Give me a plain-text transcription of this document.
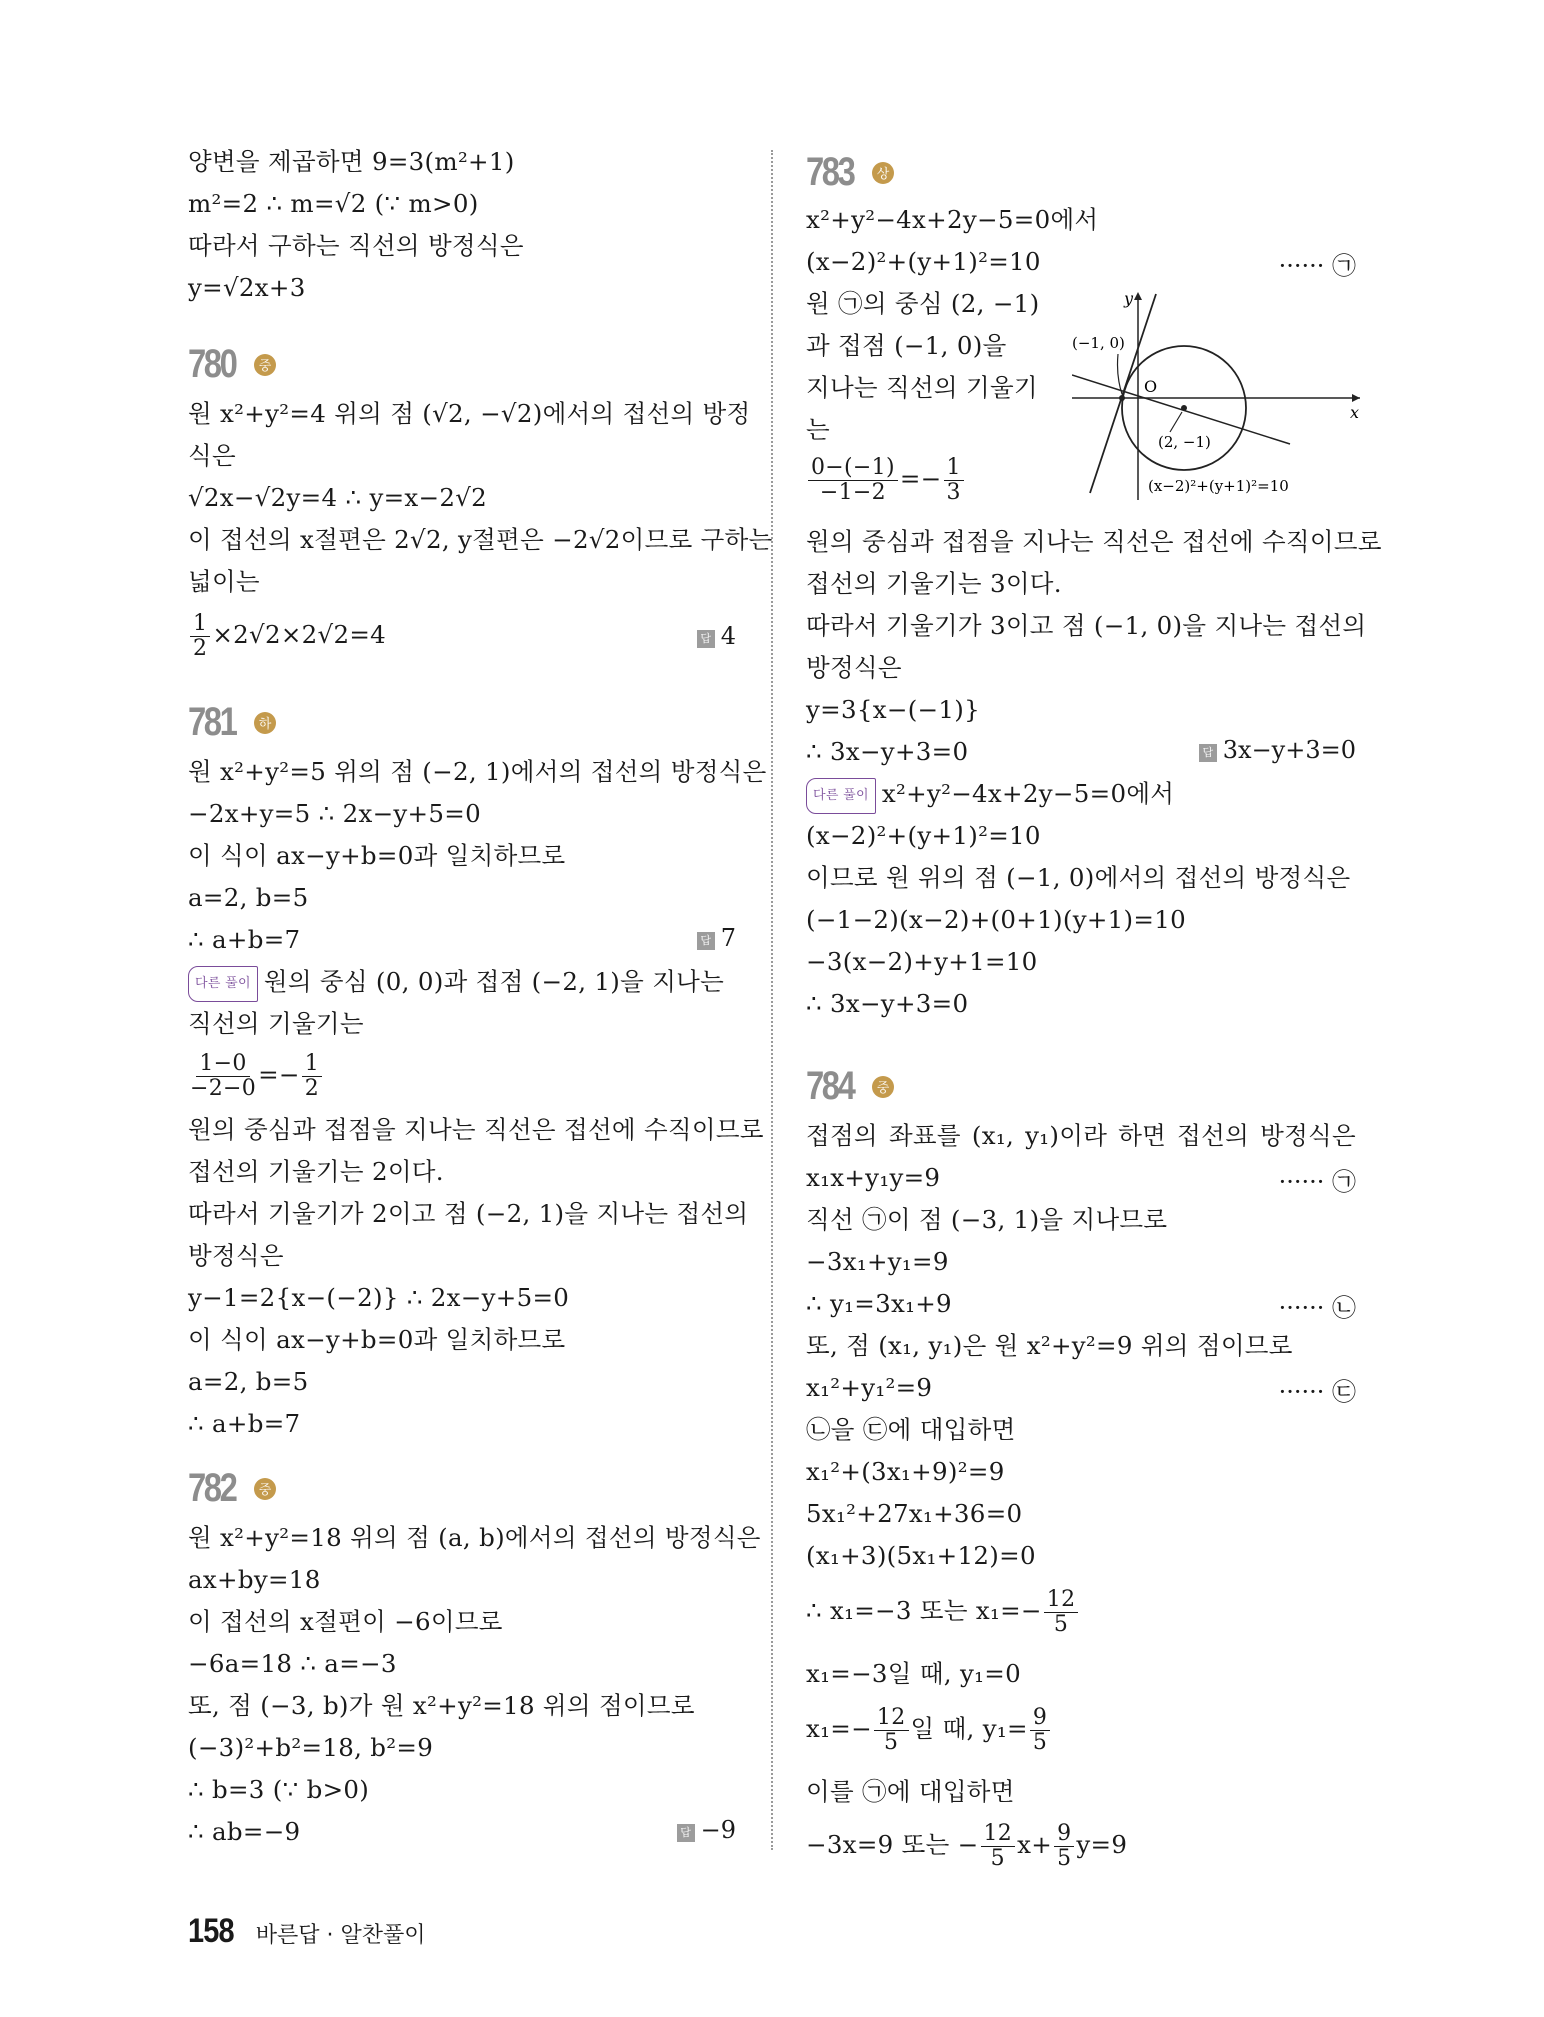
양변을 제곱하면 9=3(m²+1)
m²=2 ∴ m=√2 (∵ m>0)
따라서 구하는 직선의 방정식은
y=√2x+3
780	중
원 x²+y²=4 위의 점 (√2, −√2)에서의 접선의 방정
식은
√2x−√2y=4 ∴ y=x−2√2
이 접선의 x절편은 2√2, y절편은 −2√2이므로 구하는
넓이는
$\frac{1}{2} \times 2√2\times 2√2=4$	답 4
781	하
원 x²+y²=5 위의 점 (−2, 1)에서의 접선의 방정식은
−2x+y=5 ∴ 2x−y+5=0
이 식이 ax−y+b=0과 일치하므로
a=2, b=5
∴ a+b=7	답 7
다른 풀이 원의 중심 (0, 0)과 접점 (−2, 1)을 지나는
직선의 기울기는
$\frac{1-0}{-2-0} =- \frac{1}{2}$
원의 중심과 접점을 지나는 직선은 접선에 수직이므로
접선의 기울기는 2이다.
따라서 기울기가 2이고 점 (−2, 1)을 지나는 접선의
방정식은
y−1=2{x−(−2)} ∴ 2x−y+5=0
이 식이 ax−y+b=0과 일치하므로
a=2, b=5
∴ a+b=7
782	중
원 x²+y²=18 위의 점 (a, b)에서의 접선의 방정식은
ax+by=18
이 접선의 x절편이 −6이므로
−6a=18 ∴ a=−3
또, 점 (−3, b)가 원 x²+y²=18 위의 점이므로
(−3)²+b²=18, b²=9
∴ b=3 (∵ b>0)
∴ ab=−9	답 −9
783	상
x²+y²−4x+2y−5=0에서
(x−2)²+(y+1)²=10	······ ㉠
원 ㉠의 중심 (2, −1)
과 접점 (−1, 0)을
지나는 직선의 기울기
는
$\frac{0-(-1)}{-1-2} =- \frac{1}{3}$
y
x
O
(−1, 0)
(2, −1)
(x−2)²+(y+1)²=10
원의 중심과 접점을 지나는 직선은 접선에 수직이므로
접선의 기울기는 3이다.
따라서 기울기가 3이고 점 (−1, 0)을 지나는 접선의
방정식은
y=3{x−(−1)}
∴ 3x−y+3=0	답 3x−y+3=0
다른 풀이 x²+y²−4x+2y−5=0에서
(x−2)²+(y+1)²=10
이므로 원 위의 점 (−1, 0)에서의 접선의 방정식은
(−1−2)(x−2)+(0+1)(y+1)=10
−3(x−2)+y+1=10
∴ 3x−y+3=0
784	중
접점의 좌표를 (x₁, y₁)이라 하면 접선의 방정식은
x₁x+y₁y=9	······ ㉠
직선 ㉠이 점 (−3, 1)을 지나므로
−3x₁+y₁=9
∴ y₁=3x₁+9	······ ㉡
또, 점 (x₁, y₁)은 원 x²+y²=9 위의 점이므로
x₁²+y₁²=9	······ ㉢
㉡을 ㉢에 대입하면
x₁²+(3x₁+9)²=9
5x₁²+27x₁+36=0
(x₁+3)(5x₁+12)=0
∴ x₁=−3 또는 $x_1=- \frac{12}{5}$
x₁=−3일 때, y₁=0
$x_1=- \frac{12}{5}$ 일 때, $y_1= \frac{9}{5}$
이를 ㉠에 대입하면
−3x=9 또는 − $\frac{12}{5} x+ \frac{9}{5} y=9$
158 바른답 · 알찬풀이
